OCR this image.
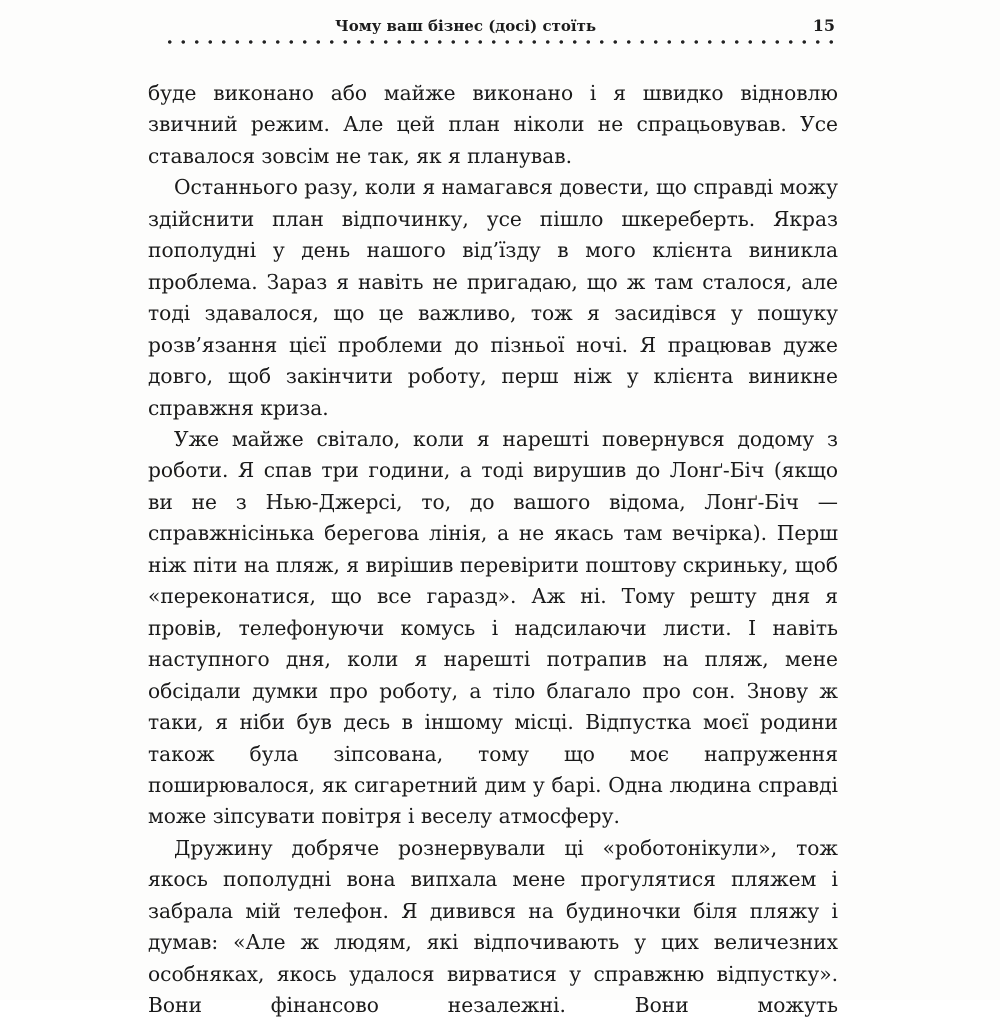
Чому ваш бізнес (досі) стоїть	15

буде виконано або майже виконано і я швидко відновлю звичний режим. Але цей план ніколи не спрацьовував. Усе ставалося зовсім не так, як я планував.

Останнього разу, коли я намагався довести, що справді можу здійснити план відпочинку, усе пішло шкереберть. Якраз пополудні у день нашого від’їзду в мого клієнта виникла проблема. Зараз я навіть не пригадаю, що ж там сталося, але тоді здавалося, що це важливо, тож я засидівся у пошуку розв’язання цієї проблеми до пізньої ночі. Я працював дуже довго, щоб закінчити роботу, перш ніж у клієнта виникне справжня криза.

Уже майже світало, коли я нарешті повернувся додому з роботи. Я спав три години, а тоді вирушив до Лонґ-Біч (якщо ви не з Нью-Джерсі, то, до вашого відома, Лонґ-Біч — справжнісінька берегова лінія, а не якась там вечірка). Перш ніж піти на пляж, я вирішив перевірити поштову скриньку, щоб «переконатися, що все гаразд». Аж ні. Тому решту дня я провів, телефонуючи комусь і надсилаючи листи. І навіть наступного дня, коли я нарешті потрапив на пляж, мене обсідали думки про роботу, а тіло благало про сон. Знову ж таки, я ніби був десь в іншому місці. Відпустка моєї родини також була зіпсована, тому що моє напруження поширювалося, як сигаретний дим у барі. Одна людина справді може зіпсувати повітря і веселу атмосферу.

Дружину добряче рознервували ці «роботонікули», тож якось пополудні вона випхала мене прогулятися пляжем і забрала мій телефон. Я дивився на будиночки біля пляжу і думав: «Але ж людям, які відпочивають у цих величезних особняках, якось удалося вирватися у справжню відпустку». Вони фінансово незалежні. Вони можуть
